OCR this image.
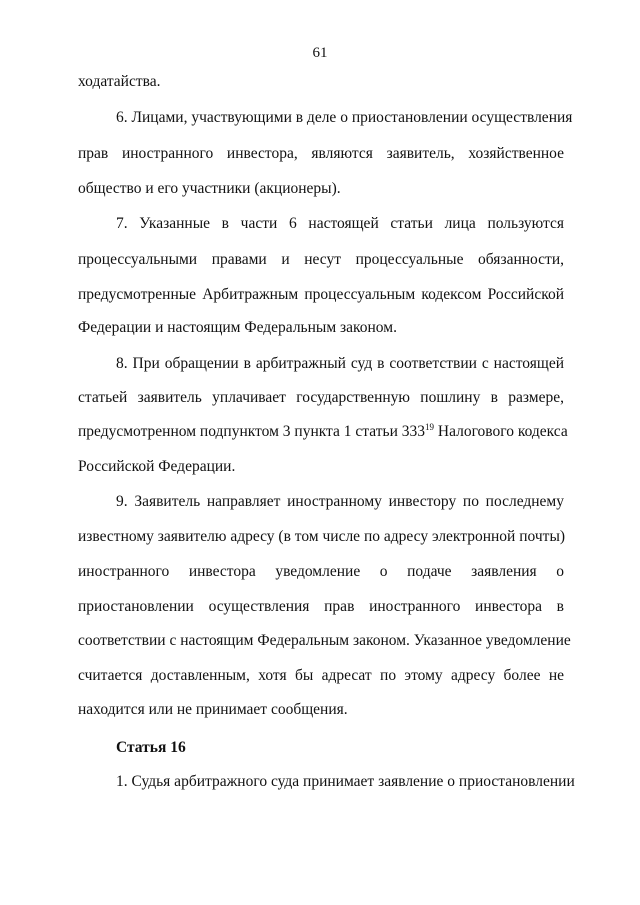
61
ходатайства.
6. Лицами, участвующими в деле о приостановлении осуществления
прав иностранного инвестора, являются заявитель, хозяйственное
общество и его участники (акционеры).
7. Указанные в части 6 настоящей статьи лица пользуются
процессуальными правами и несут процессуальные обязанности,
предусмотренные Арбитражным процессуальным кодексом Российской
Федерации и настоящим Федеральным законом.
8. При обращении в арбитражный суд в соответствии с настоящей
статьей заявитель уплачивает государственную пошлину в размере,
предусмотренном подпунктом 3 пункта 1 статьи $333^{19}$ Налогового кодекса
Российской Федерации.
9. Заявитель направляет иностранному инвестору по последнему
известному заявителю адресу (в том числе по адресу электронной почты)
иностранного инвестора уведомление о подаче заявления о
приостановлении осуществления прав иностранного инвестора в
соответствии с настоящим Федеральным законом. Указанное уведомление
считается доставленным, хотя бы адресат по этому адресу более не
находится или не принимает сообщения.
Статья 16
1. Судья арбитражного суда принимает заявление о приостановлении
